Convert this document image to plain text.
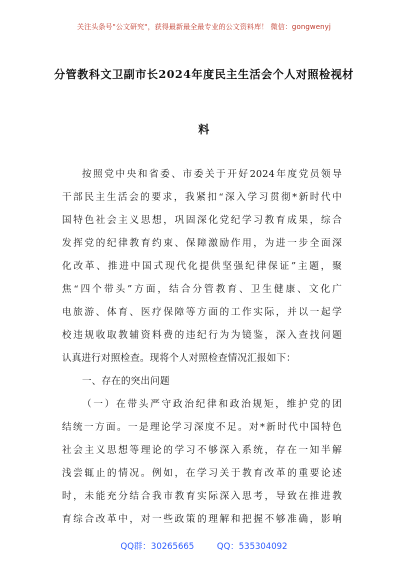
关注头条号"公文研究"，获得最新最全最专业的公文资料库！ 微信：gongwenyj
分管教科文卫副市长2024年度民主生活会个人对照检视材
料
按照党中央和省委、市委关于开好2024年度党员领导
干部民主生活会的要求，我紧扣“深入学习贯彻*新时代中
国特色社会主义思想，巩固深化党纪学习教育成果，综合
发挥党的纪律教育约束、保障激励作用，为进一步全面深
化改革、推进中国式现代化提供坚强纪律保证”主题，聚
焦“四个带头”方面，结合分管教育、卫生健康、文化广
电旅游、体育、医疗保障等方面的工作实际，并以一起学
校违规收取教辅资料费的违纪行为为镜鉴，深入查找问题
认真进行对照检查。现将个人对照检查情况汇报如下：
一、存在的突出问题
（一）在带头严守政治纪律和政治规矩，维护党的团
结统一方面。一是理论学习深度不足。对*新时代中国特色
社会主义思想等理论的学习不够深入系统，存在一知半解
浅尝辄止的情况。例如，在学习关于教育改革的重要论述
时，未能充分结合我市教育实际深入思考，导致在推进教
育综合改革中，对一些政策的理解和把握不够准确，影响
QQ群：30265665	QQ：535304092
